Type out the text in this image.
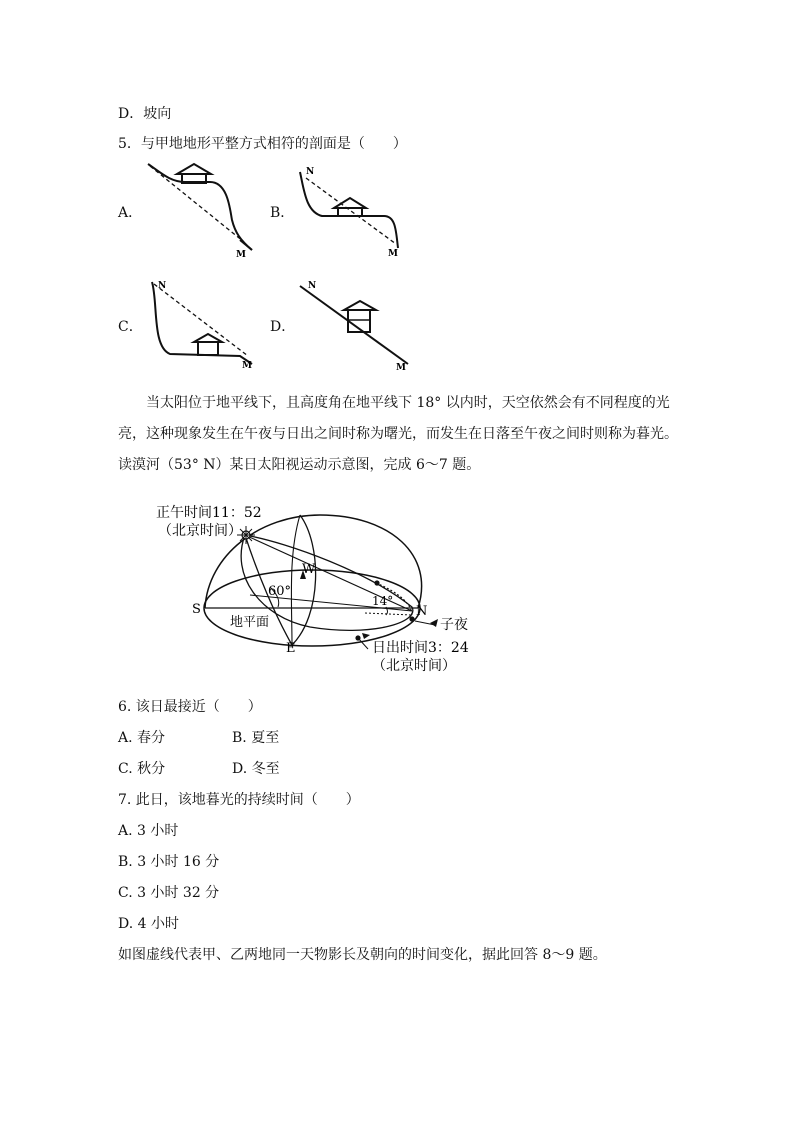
D．坡向
5．与甲地地形平整方式相符的剖面是（　　）
A．
M
B．
N
M
C．
N
M
D．
N
M
当太阳位于地平线下，且高度角在地平线下 18° 以内时，天空依然会有不同程度的光
亮，这种现象发生在午夜与日出之间时称为曙光，而发生在日落至午夜之间时则称为暮光。
读漠河（53° N）某日太阳视运动示意图，完成 6～7 题。
正午时间11：52
（北京时间）
W
60°
14°
S	N
地平面	子夜
E	日出时间3：24
（北京时间）
6. 该日最接近（　　）
A. 春分	B. 夏至
C. 秋分	D. 冬至
7. 此日，该地暮光的持续时间（　　）
A. 3 小时
B. 3 小时 16 分
C. 3 小时 32 分
D. 4 小时
如图虚线代表甲、乙两地同一天物影长及朝向的时间变化，据此回答 8～9 题。
